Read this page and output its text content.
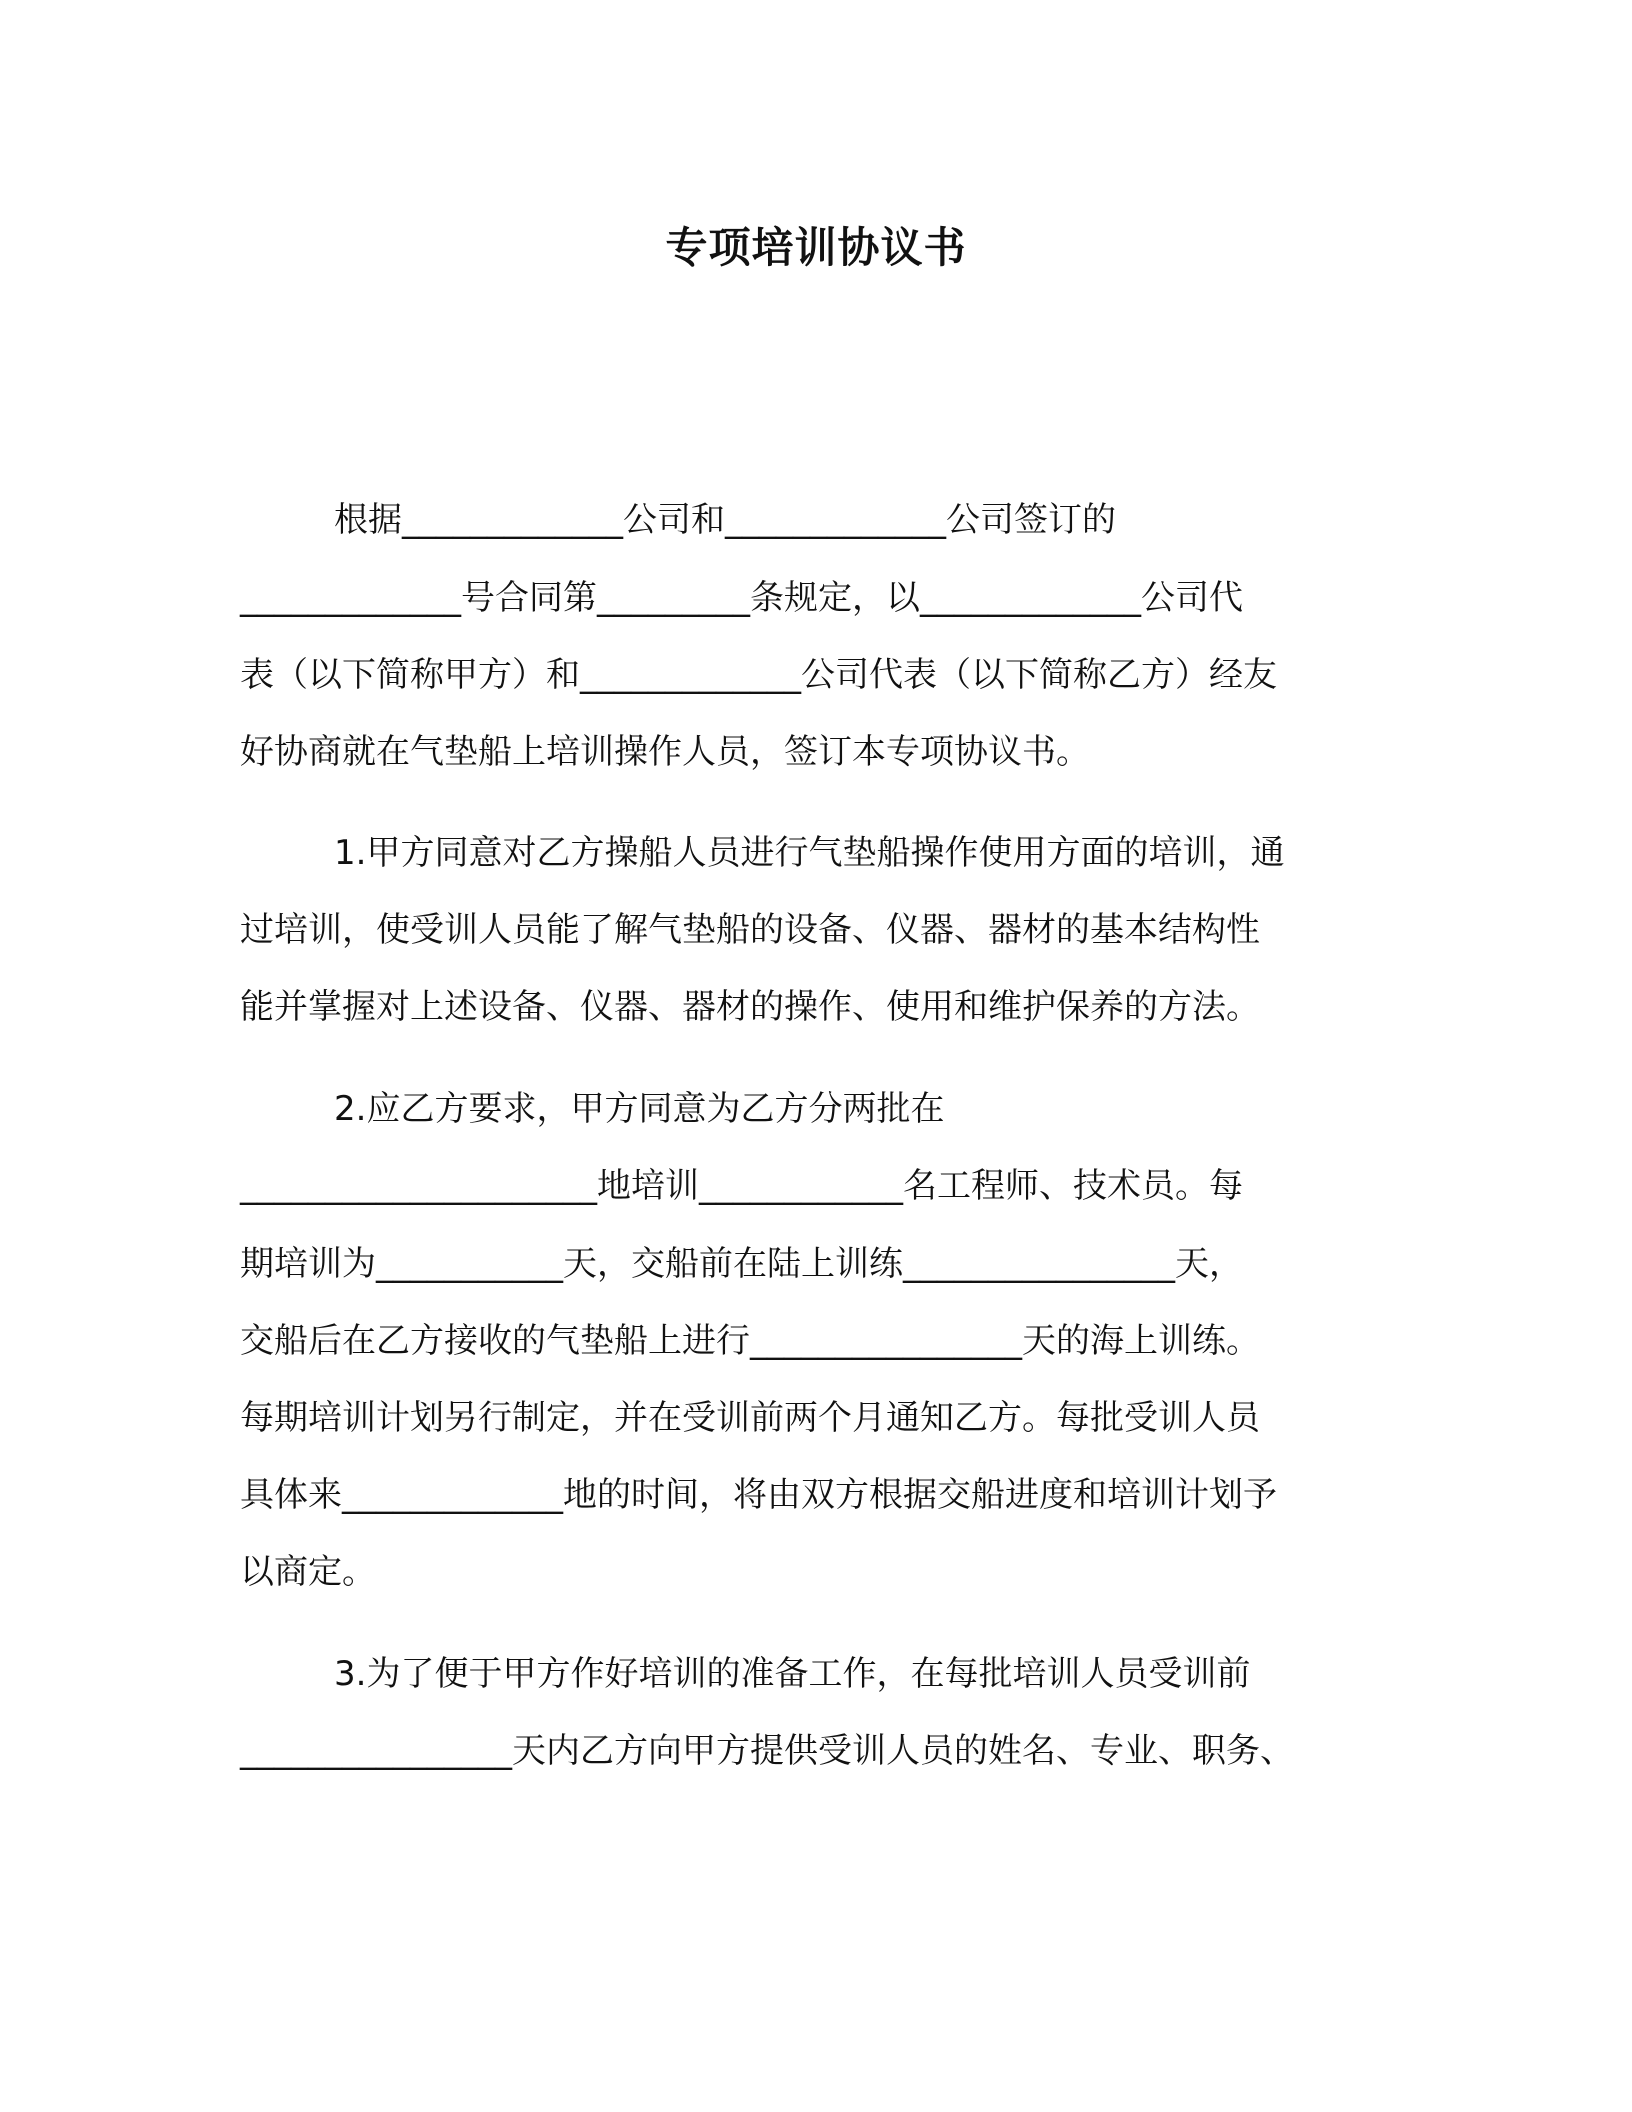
专项培训协议书
根据_____________公司和_____________公司签订的
_____________号合同第_________条规定，以_____________公司代
表（以下简称甲方）和_____________公司代表（以下简称乙方）经友
好协商就在气垫船上培训操作人员，签订本专项协议书。
1.甲方同意对乙方操船人员进行气垫船操作使用方面的培训，通
过培训，使受训人员能了解气垫船的设备、仪器、器材的基本结构性
能并掌握对上述设备、仪器、器材的操作、使用和维护保养的方法。
2.应乙方要求，甲方同意为乙方分两批在
_____________________地培训____________名工程师、技术员。每
期培训为___________天，交船前在陆上训练________________天，
交船后在乙方接收的气垫船上进行________________天的海上训练。
每期培训计划另行制定，并在受训前两个月通知乙方。每批受训人员
具体来_____________地的时间，将由双方根据交船进度和培训计划予
以商定。
3.为了便于甲方作好培训的准备工作，在每批培训人员受训前
________________天内乙方向甲方提供受训人员的姓名、专业、职务、
